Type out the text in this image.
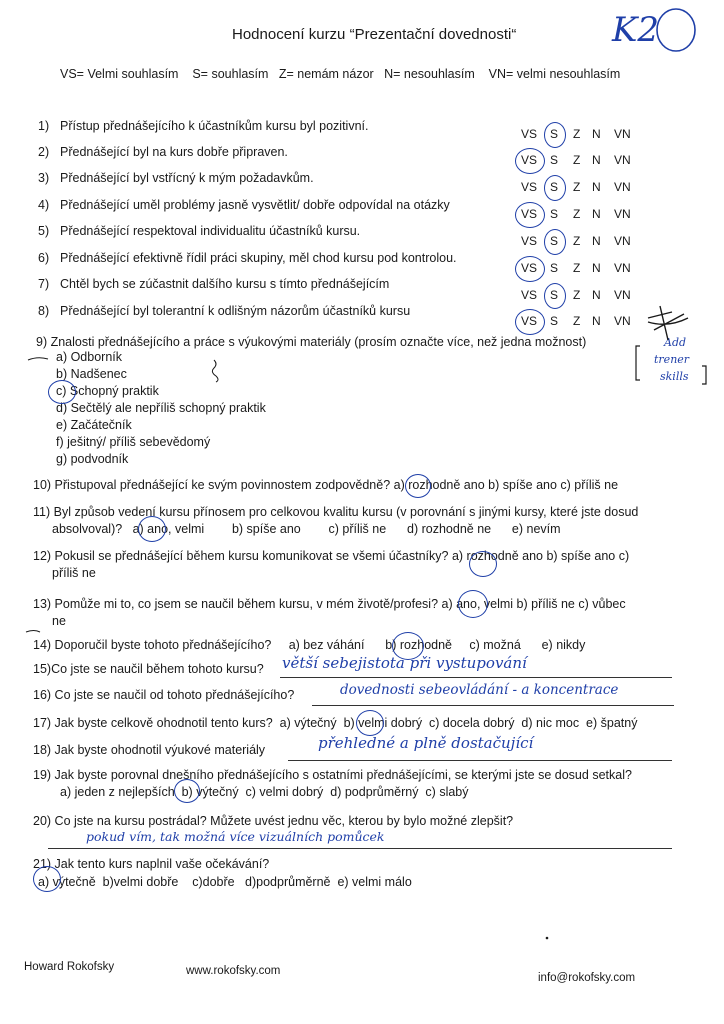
Hodnocení kurzu “Prezentační dovednosti“	K2
VS= Velmi souhlasím    S= souhlasím   Z= nemám názor   N= nesouhlasím    VN= velmi nesouhlasím
1) Přístup přednášejícího k účastníkům kursu byl pozitivní.
VS S Z N VN
2) Přednášející byl na kurs dobře připraven.
VS S Z N VN
3) Přednášející byl vstřícný k mým požadavkům.
VS S Z N VN
4) Přednášející uměl problémy jasně vysvětlit/ dobře odpovídal na otázky
VS S Z N VN
5) Přednášející respektoval individualitu účastníků kursu.
VS S Z N VN
6) Přednášející efektivně řídil práci skupiny, měl chod kursu pod kontrolou.
VS S Z N VN
7) Chtěl bych se zúčastnit dalšího kursu s tímto přednášejícím
VS S Z N VN
8) Přednášející byl tolerantní k odlišným názorům účastníků kursu
VS S Z N VN
9) Znalosti přednášejícího a práce s výukovými materiály (prosím označte více, než jedna možnost)
a) Odborník
b) Nadšenec
c) Schopný praktik
d) Sečtělý ale nepříliš schopný praktik
e) Začátečník
f) ješitný/ příliš sebevědomý
g) podvodník
Add
trener
skills
10) Přistupoval přednášející ke svým povinnostem zodpovědně? a) rozhodně ano b) spíše ano c) příliš ne
11) Byl způsob vedení kursu přínosem pro celkovou kvalitu kursu (v porovnání s jinými kursy, které jste dosud
absolvoval)?   a) ano, velmi        b) spíše ano        c) příliš ne      d) rozhodně ne      e) nevím
12) Pokusil se přednášející během kursu komunikovat se všemi účastníky? a) rozhodně ano b) spíše ano c)
příliš ne
13) Pomůže mi to, co jsem se naučil během kursu, v mém životě/profesi? a) ano, velmi b) příliš ne c) vůbec
ne
14) Doporučil byste tohoto přednášejícího?     a) bez váhání      b) rozhodně     c) možná      e) nikdy
15)Co jste se naučil během tohoto kursu? větší sebejistota při vystupování
16) Co jste se naučil od tohoto přednášejícího?	dovednosti sebeovládání - a koncentrace
17) Jak byste celkově ohodnotil tento kurs?  a) výtečný  b) velmi dobrý  c) docela dobrý  d) nic moc  e) špatný
18) Jak byste ohodnotil výukové materiály	přehledné a plně dostačující
19) Jak byste porovnal dnešního přednášejícího s ostatními přednášejícími, se kterými jste se dosud setkal?
a) jeden z nejlepších  b) výtečný  c) velmi dobrý  d) podprůměrný  c) slabý
20) Co jste na kursu postrádal? Můžete uvést jednu věc, kterou by bylo možné zlepšit?
pokud vím, tak možná více vizuálních pomůcek
21) Jak tento kurs naplnil vaše očekávání?
a) výtečně  b)velmi dobře    c)dobře   d)podprůměrně  e) velmi málo
Howard Rokofsky	www.rokofsky.com
info@rokofsky.com
